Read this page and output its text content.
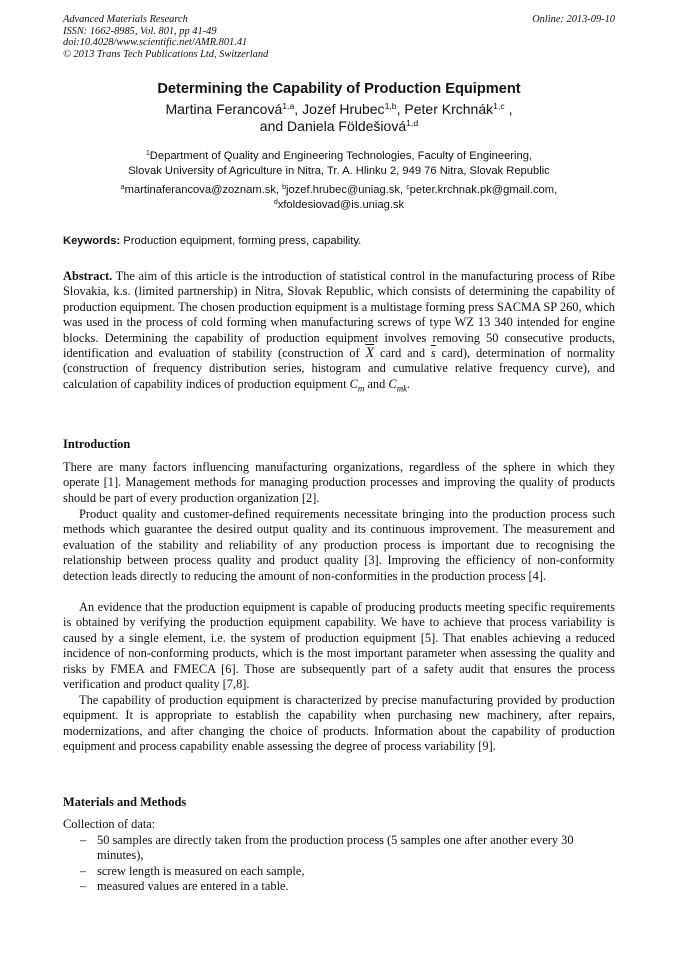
Advanced Materials Research
ISSN: 1662-8985, Vol. 801, pp 41-49
doi:10.4028/www.scientific.net/AMR.801.41
© 2013 Trans Tech Publications Ltd, Switzerland
Online: 2013-09-10
Determining the Capability of Production Equipment
Martina Ferancová$^{1,a}$, Jozef Hrubec$^{1,b}$, Peter Krchnák$^{1,c}$ ,
and Daniela Földešiová$^{1,d}$
$^1$Department of Quality and Engineering Technologies, Faculty of Engineering,
Slovak University of Agriculture in Nitra, Tr. A. Hlinku 2, 949 76 Nitra, Slovak Republic
$^a$martinaferancova@zoznam.sk, $^b$jozef.hrubec@uniag.sk, $^c$peter.krchnak.pk@gmail.com,
$^d$xfoldesiovad@is.uniag.sk
Keywords: Production equipment, forming press, capability.
Abstract. The aim of this article is the introduction of statistical control in the manufacturing process of Ribe Slovakia, k.s. (limited partnership) in Nitra, Slovak Republic, which consists of determining the capability of production equipment. The chosen production equipment is a multistage forming press SACMA SP 260, which was used in the process of cold forming when manufacturing screws of type WZ 13 340 intended for engine blocks. Determining the capability of production equipment involves removing 50 consecutive products, identification and evaluation of stability (construction of $\overline{X}$ card and $\overline{s}$ card), determination of normality (construction of frequency distribution series, histogram and cumulative relative frequency curve), and calculation of capability indices of production equipment $C_m$ and $C_{mk}$.
Introduction
There are many factors influencing manufacturing organizations, regardless of the sphere in which they operate [1]. Management methods for managing production processes and improving the quality of products should be part of every production organization [2].
Product quality and customer-defined requirements necessitate bringing into the production process such methods which guarantee the desired output quality and its continuous improvement. The measurement and evaluation of the stability and reliability of any production process is important due to recognising the relationship between process quality and product quality [3]. Improving the efficiency of non-conformity detection leads directly to reducing the amount of non-conformities in the production process [4].
An evidence that the production equipment is capable of producing products meeting specific requirements is obtained by verifying the production equipment capability. We have to achieve that process variability is caused by a single element, i.e. the system of production equipment [5]. That enables achieving a reduced incidence of non-conforming products, which is the most important parameter when assessing the quality and risks by FMEA and FMECA [6]. Those are subsequently part of a safety audit that ensures the process verification and product quality [7,8].
The capability of production equipment is characterized by precise manufacturing provided by production equipment. It is appropriate to establish the capability when purchasing new machinery, after repairs, modernizations, and after changing the choice of products. Information about the capability of production equipment and process capability enable assessing the degree of process variability [9].
Materials and Methods
Collection of data:
– 50 samples are directly taken from the production process (5 samples one after another every 30 minutes),
– screw length is measured on each sample,
– measured values are entered in a table.
